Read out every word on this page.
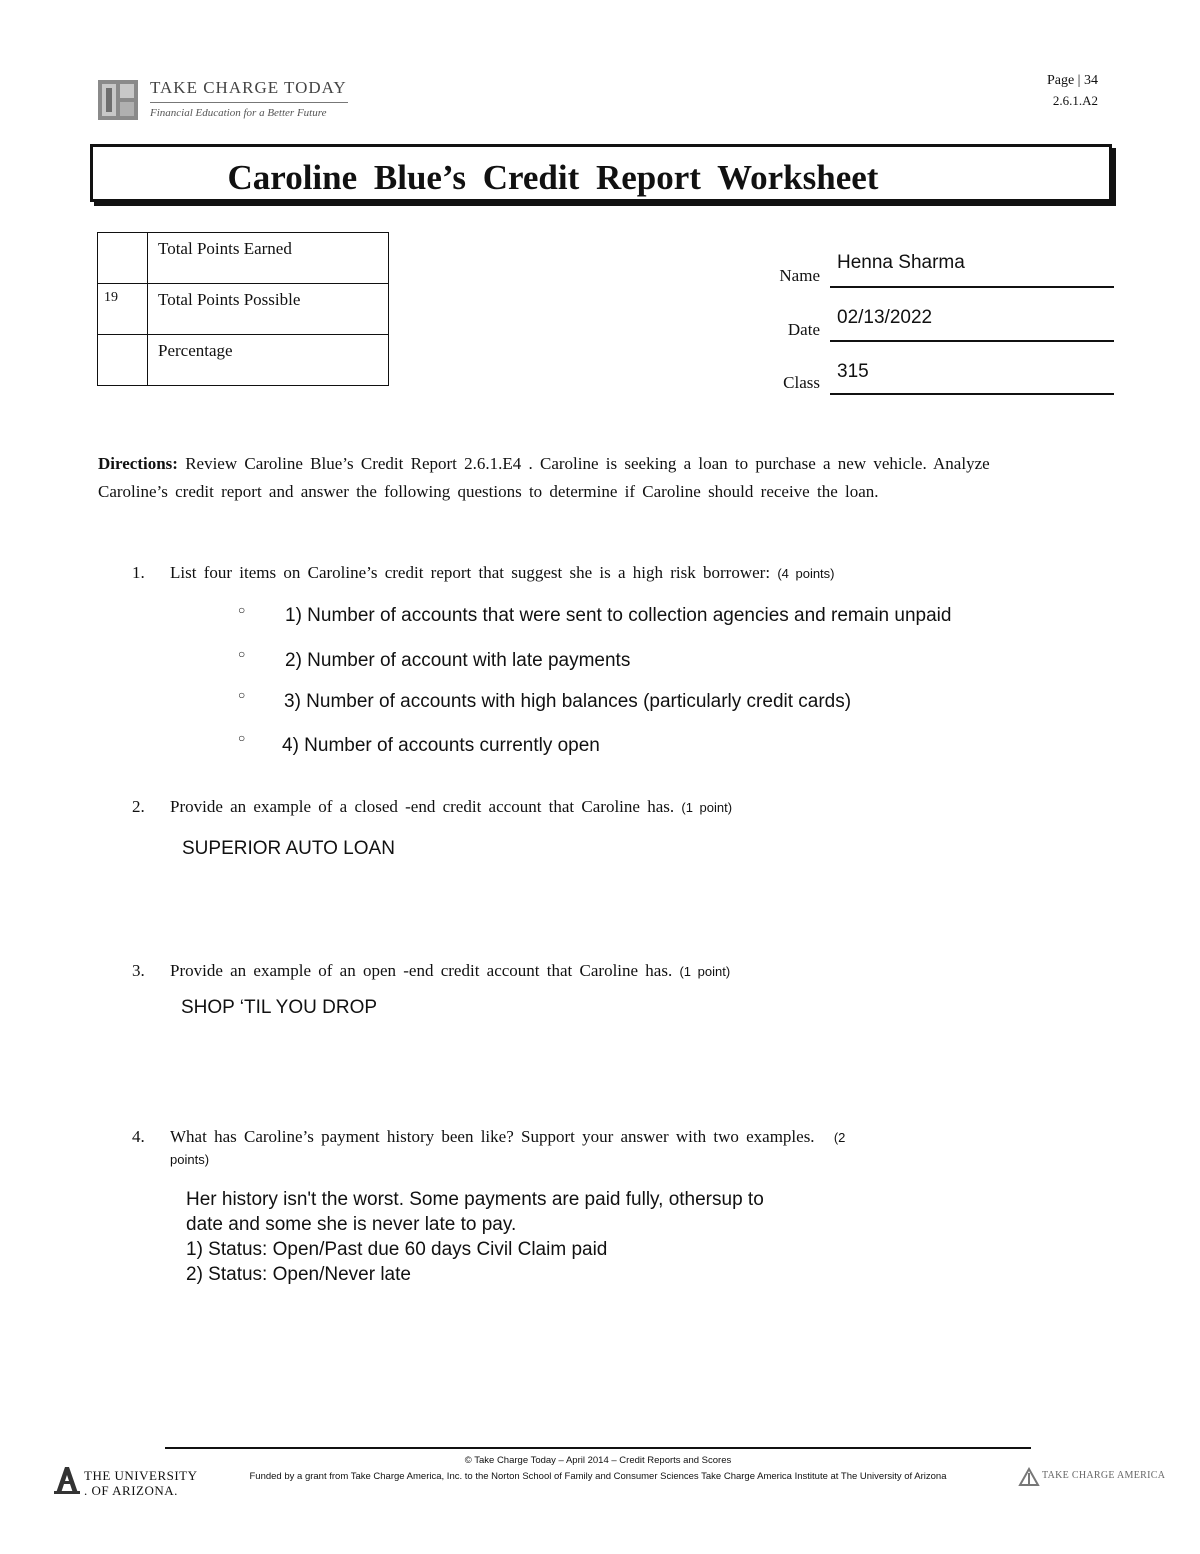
TAKE CHARGE TODAY
Financial Education for a Better Future
Page | 34
2.6.1.A2
Caroline Blue’s Credit Report Worksheet
	Total Points Earned
19	Total Points Possible
	Percentage
Name
Henna Sharma
Date
02/13/2022
Class
315
Directions: Review Caroline Blue’s Credit Report 2.6.1.E4 . Caroline is seeking a loan to purchase a new vehicle. Analyze Caroline’s credit report and answer the following questions to determine if Caroline should receive the loan.
1. List four items on Caroline’s credit report that suggest she is a high risk borrower: (4 points)
○ 1) Number of accounts that were sent to collection agencies and remain unpaid
○ 2) Number of account with late payments
○ 3) Number of accounts with high balances (particularly credit cards)
○ 4) Number of accounts currently open
2. Provide an example of a closed ‑end credit account that Caroline has. (1 point)
SUPERIOR AUTO LOAN
3. Provide an example of an open ‑end credit account that Caroline has. (1 point)
SHOP ‘TIL YOU DROP
4. What has Caroline’s payment history been like? Support your answer with two examples. (2
points)
Her history isn't the worst. Some payments are paid fully, othersup to
date and some she is never late to pay.
1) Status: Open/Past due 60 days Civil Claim paid
2) Status: Open/Never late
© Take Charge Today – April 2014 – Credit Reports and Scores
Funded by a grant from Take Charge America, Inc. to the Norton School of Family and Consumer Sciences Take Charge America Institute at The University of Arizona
THE UNIVERSITY
. OF ARIZONA.
TAKE CHARGE AMERICA
